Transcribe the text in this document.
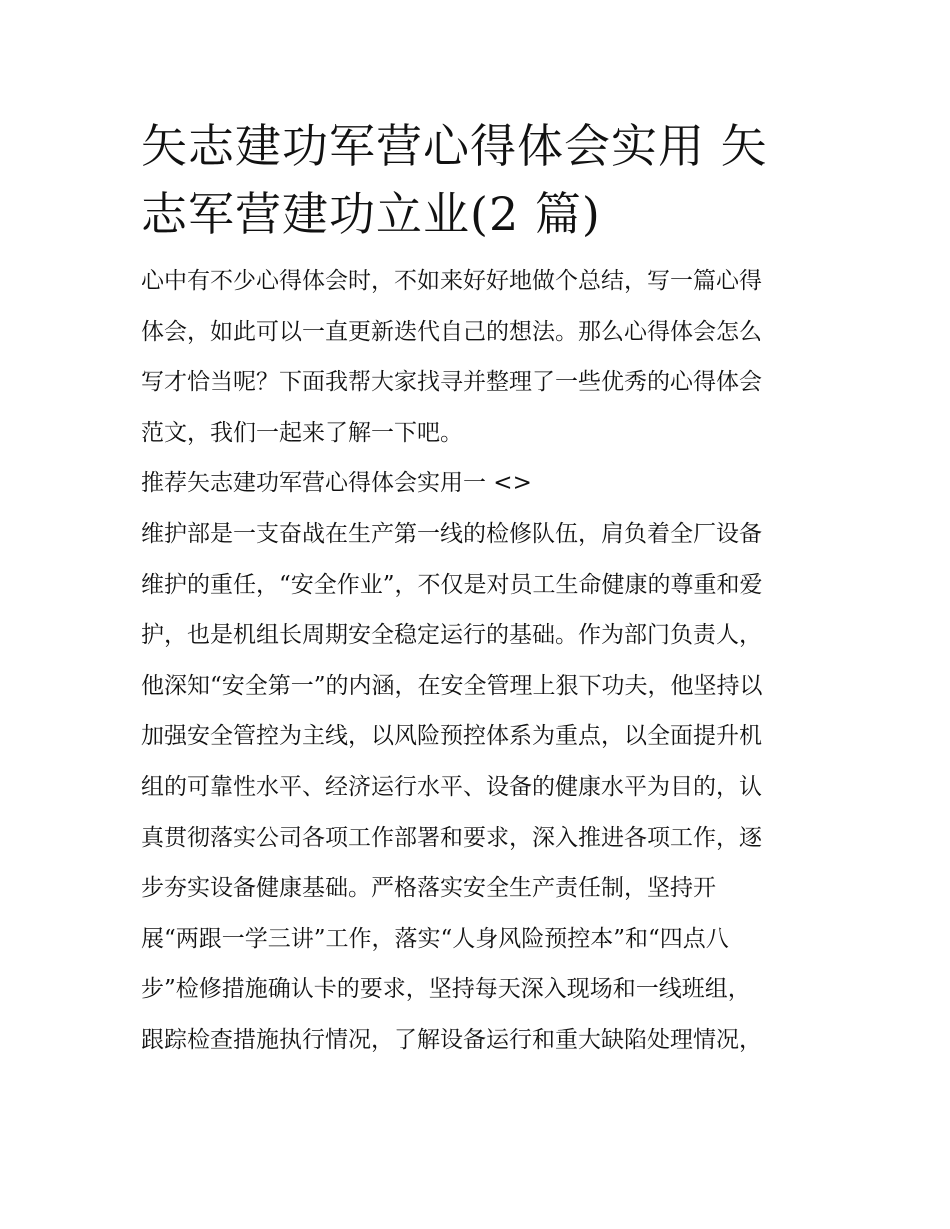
矢志建功军营心得体会实用 矢
志军营建功立业(2 篇)

心中有不少心得体会时，不如来好好地做个总结，写一篇心得
体会，如此可以一直更新迭代自己的想法。那么心得体会怎么
写才恰当呢？下面我帮大家找寻并整理了一些优秀的心得体会
范文，我们一起来了解一下吧。

推荐矢志建功军营心得体会实用一 <>

维护部是一支奋战在生产第一线的检修队伍，肩负着全厂设备
维护的重任，“安全作业”，不仅是对员工生命健康的尊重和爱
护，也是机组长周期安全稳定运行的基础。作为部门负责人，
他深知“安全第一”的内涵，在安全管理上狠下功夫，他坚持以
加强安全管控为主线，以风险预控体系为重点，以全面提升机
组的可靠性水平、经济运行水平、设备的健康水平为目的，认
真贯彻落实公司各项工作部署和要求，深入推进各项工作，逐
步夯实设备健康基础。严格落实安全生产责任制，坚持开
展“两跟一学三讲”工作，落实“人身风险预控本”和“四点八
步”检修措施确认卡的要求，坚持每天深入现场和一线班组，
跟踪检查措施执行情况，了解设备运行和重大缺陷处理情况，
